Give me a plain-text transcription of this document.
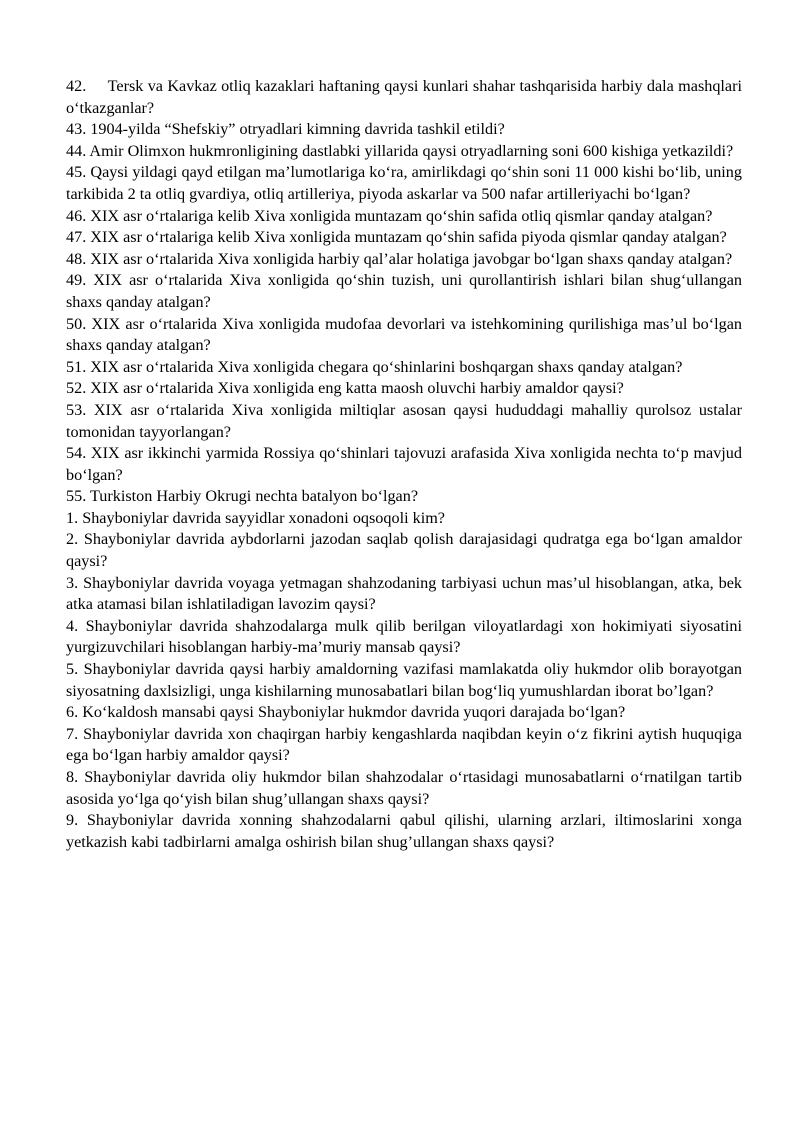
42.     Tersk va Kavkaz otliq kazaklari haftaning qaysi kunlari shahar tashqarisida harbiy dala mashqlari o‘tkazganlar?

43. 1904-yilda “Shefskiy” otryadlari kimning davrida tashkil etildi?

44. Amir Olimxon hukmronligining dastlabki yillarida qaysi otryadlarning soni 600 kishiga yetkazildi?

45. Qaysi yildagi qayd etilgan ma’lumotlariga ko‘ra, amirlikdagi qo‘shin soni 11 000 kishi bo‘lib, uning tarkibida 2 ta otliq gvardiya, otliq artilleriya, piyoda askarlar va 500 nafar artilleriyachi bo‘lgan?

46. XIX asr o‘rtalariga kelib Xiva xonligida muntazam qo‘shin safida otliq qismlar qanday atalgan?

47. XIX asr o‘rtalariga kelib Xiva xonligida muntazam qo‘shin safida piyoda qismlar qanday atalgan?

48. XIX asr o‘rtalarida Xiva xonligida harbiy qal’alar holatiga javobgar bo‘lgan shaxs qanday atalgan?

49. XIX asr o‘rtalarida Xiva xonligida qo‘shin tuzish, uni qurollantirish ishlari bilan shug‘ullangan shaxs qanday atalgan?

50. XIX asr o‘rtalarida Xiva xonligida mudofaa devorlari va istehkomining qurilishiga mas’ul bo‘lgan shaxs qanday atalgan?

51. XIX asr o‘rtalarida Xiva xonligida chegara qo‘shinlarini boshqargan shaxs qanday atalgan?

52. XIX asr o‘rtalarida Xiva xonligida eng katta maosh oluvchi harbiy amaldor qaysi?

53. XIX asr o‘rtalarida Xiva xonligida miltiqlar asosan qaysi hududdagi mahalliy qurolsoz ustalar tomonidan tayyorlangan?

54. XIX asr ikkinchi yarmida Rossiya qo‘shinlari tajovuzi arafasida Xiva xonligida nechta to‘p mavjud bo‘lgan?

55. Turkiston Harbiy Okrugi nechta batalyon bo‘lgan?

1. Shayboniylar davrida sayyidlar xonadoni oqsoqoli kim?

2. Shayboniylar davrida aybdorlarni jazodan saqlab qolish darajasidagi qudratga ega bo‘lgan amaldor qaysi?

3. Shayboniylar davrida voyaga yetmagan shahzodaning tarbiyasi uchun mas’ul hisoblangan, atka, bek atka atamasi bilan ishlatiladigan lavozim qaysi?

4. Shayboniylar davrida shahzodalarga mulk qilib berilgan viloyatlardagi xon hokimiyati siyosatini yurgizuvchilari hisoblangan harbiy-ma’muriy mansab qaysi?

5. Shayboniylar davrida qaysi harbiy amaldorning vazifasi mamlakatda oliy hukmdor olib borayotgan siyosatning daxlsizligi, unga kishilarning munosabatlari bilan bog‘liq yumushlardan iborat bo’lgan?

6. Ko‘kaldosh mansabi qaysi Shayboniylar hukmdor davrida yuqori darajada bo‘lgan?

7. Shayboniylar davrida xon chaqirgan harbiy kengashlarda naqibdan keyin o‘z fikrini aytish huquqiga ega bo‘lgan harbiy amaldor qaysi?

8. Shayboniylar davrida oliy hukmdor bilan shahzodalar o‘rtasidagi munosabatlarni o‘rnatilgan tartib asosida yo‘lga qo‘yish bilan shug’ullangan shaxs qaysi?

9. Shayboniylar davrida xonning shahzodalarni qabul qilishi, ularning arzlari, iltimoslarini xonga yetkazish kabi tadbirlarni amalga oshirish bilan shug’ullangan shaxs qaysi?
